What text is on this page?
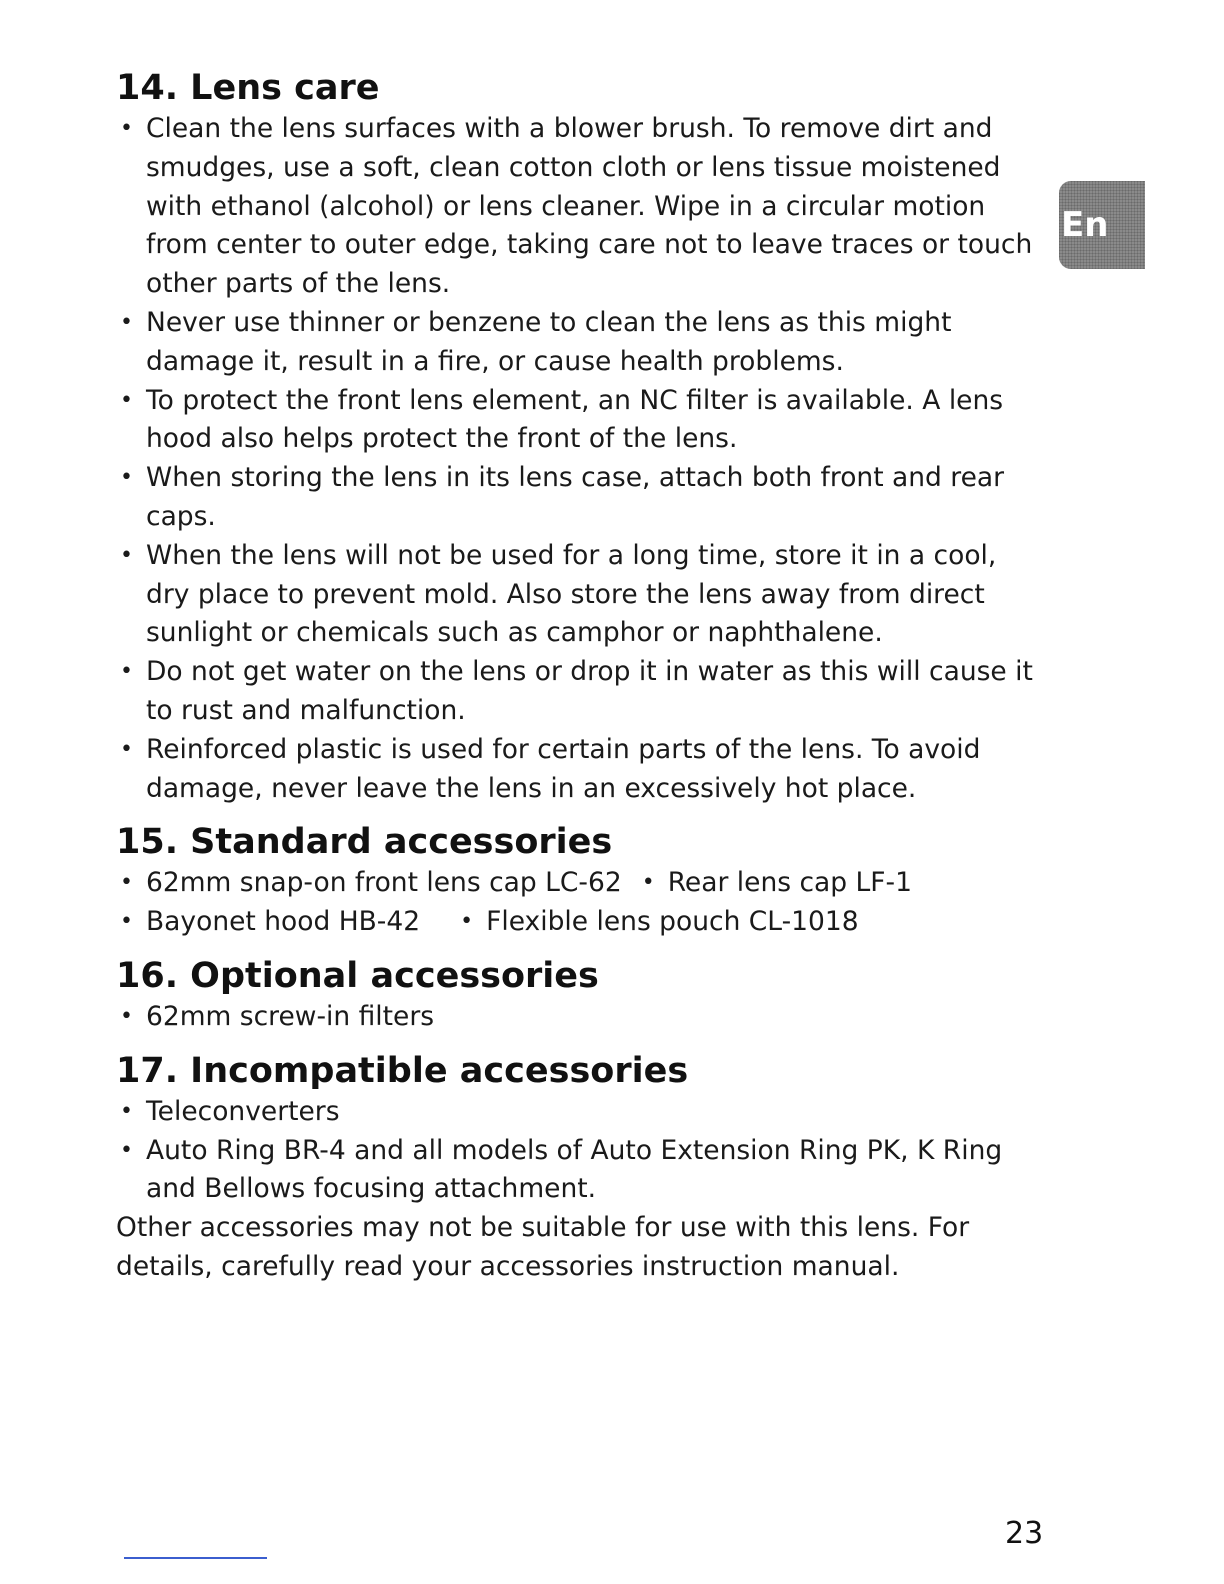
14. Lens care
• Clean the lens surfaces with a blower brush. To remove dirt and smudges, use a soft, clean cotton cloth or lens tissue moistened with ethanol (alcohol) or lens cleaner. Wipe in a circular motion from center to outer edge, taking care not to leave traces or touch other parts of the lens.
• Never use thinner or benzene to clean the lens as this might damage it, result in a fire, or cause health problems.
• To protect the front lens element, an NC filter is available. A lens hood also helps protect the front of the lens.
• When storing the lens in its lens case, attach both front and rear caps.
• When the lens will not be used for a long time, store it in a cool, dry place to prevent mold. Also store the lens away from direct sunlight or chemicals such as camphor or naphthalene.
• Do not get water on the lens or drop it in water as this will cause it to rust and malfunction.
• Reinforced plastic is used for certain parts of the lens. To avoid damage, never leave the lens in an excessively hot place.
15. Standard accessories
• 62mm snap-on front lens cap LC-62 • Rear lens cap LF-1
• Bayonet hood HB-42 • Flexible lens pouch CL-1018
16. Optional accessories
• 62mm screw-in filters
17. Incompatible accessories
• Teleconverters
• Auto Ring BR-4 and all models of Auto Extension Ring PK, K Ring and Bellows focusing attachment.

Other accessories may not be suitable for use with this lens. For details, carefully read your accessories instruction manual.

En
23
